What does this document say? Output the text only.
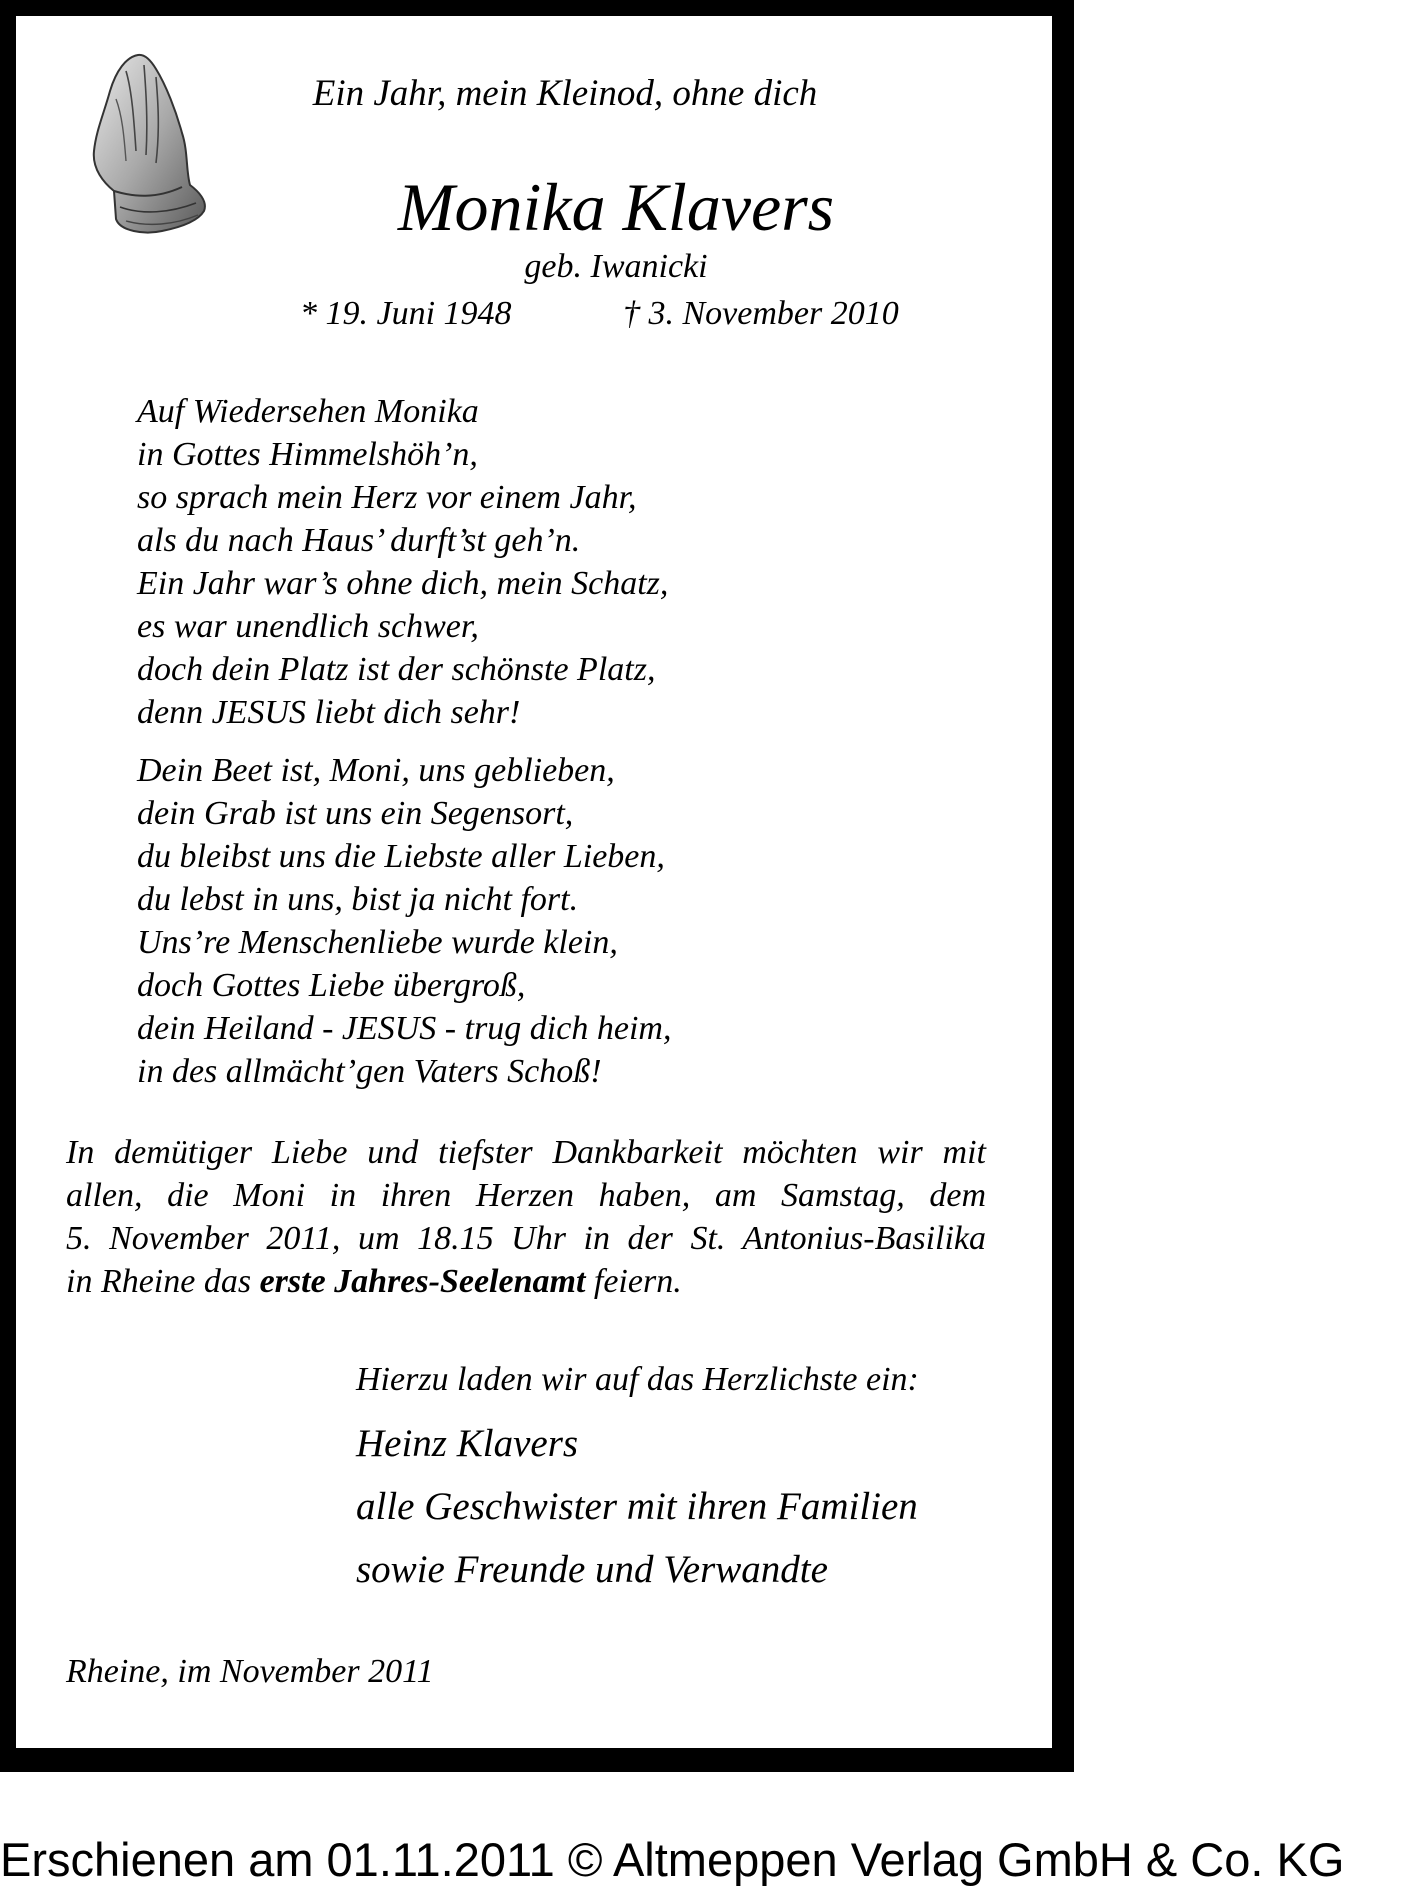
Ein Jahr, mein Kleinod, ohne dich
Monika Klavers
geb. Iwanicki
* 19. Juni 1948	† 3. November 2010
Auf Wiedersehen Monika
in Gottes Himmelshöh’n,
so sprach mein Herz vor einem Jahr,
als du nach Haus’ durft’st geh’n.
Ein Jahr war’s ohne dich, mein Schatz,
es war unendlich schwer,
doch dein Platz ist der schönste Platz,
denn JESUS liebt dich sehr!
Dein Beet ist, Moni, uns geblieben,
dein Grab ist uns ein Segensort,
du bleibst uns die Liebste aller Lieben,
du lebst in uns, bist ja nicht fort.
Uns’re Menschenliebe wurde klein,
doch Gottes Liebe übergroß,
dein Heiland - JESUS - trug dich heim,
in des allmächt’gen Vaters Schoß!
In demütiger Liebe und tiefster Dankbarkeit möchten wir mit
allen, die Moni in ihren Herzen haben, am Samstag, dem
5. November 2011, um 18.15 Uhr in der St. Antonius-Basilika
in Rheine das erste Jahres-Seelenamt feiern.
Hierzu laden wir auf das Herzlichste ein:
Heinz Klavers
alle Geschwister mit ihren Familien
sowie Freunde und Verwandte
Rheine, im November 2011
Erschienen am 01.11.2011 © Altmeppen Verlag GmbH & Co. KG
